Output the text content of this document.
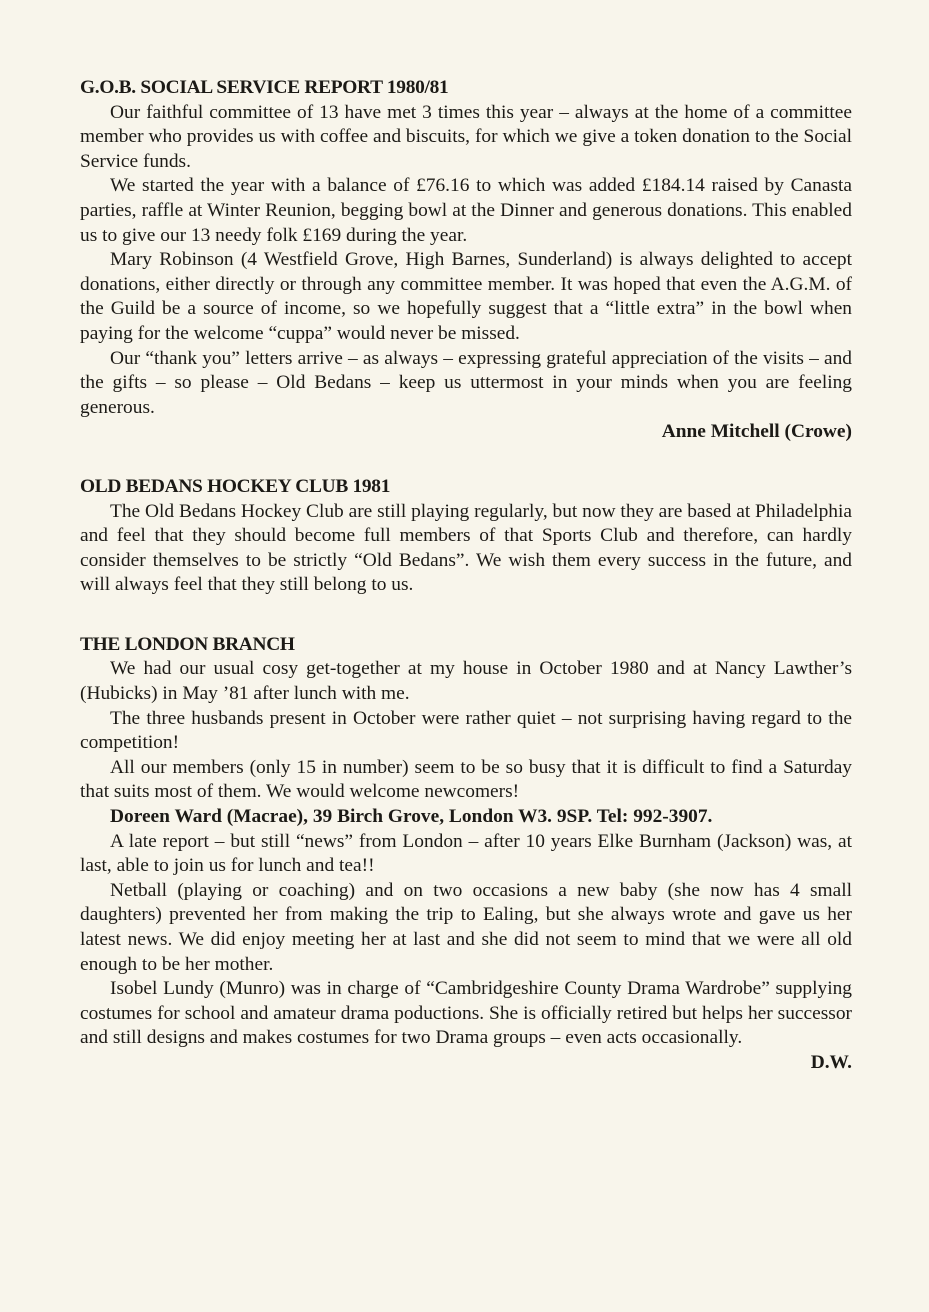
G.O.B. SOCIAL SERVICE REPORT 1980/81

Our faithful committee of 13 have met 3 times this year – always at the home of a committee member who provides us with coffee and biscuits, for which we give a token donation to the Social Service funds.

We started the year with a balance of £76.16 to which was added £184.14 raised by Canasta parties, raffle at Winter Reunion, begging bowl at the Dinner and generous donations. This enabled us to give our 13 needy folk £169 during the year.

Mary Robinson (4 Westfield Grove, High Barnes, Sunderland) is always delighted to accept donations, either directly or through any committee member. It was hoped that even the A.G.M. of the Guild be a source of income, so we hopefully suggest that a “little extra” in the bowl when paying for the welcome “cuppa” would never be missed.

Our “thank you” letters arrive – as always – expressing grateful appreciation of the visits – and the gifts – so please – Old Bedans – keep us uttermost in your minds when you are feeling generous.

Anne Mitchell (Crowe)

OLD BEDANS HOCKEY CLUB 1981

The Old Bedans Hockey Club are still playing regularly, but now they are based at Philadelphia and feel that they should become full members of that Sports Club and therefore, can hardly consider themselves to be strictly “Old Bedans”. We wish them every success in the future, and will always feel that they still belong to us.

THE LONDON BRANCH

We had our usual cosy get-together at my house in October 1980 and at Nancy Lawther’s (Hubicks) in May ’81 after lunch with me.

The three husbands present in October were rather quiet – not surprising having regard to the competition!

All our members (only 15 in number) seem to be so busy that it is difficult to find a Saturday that suits most of them. We would welcome newcomers!

Doreen Ward (Macrae), 39 Birch Grove, London W3. 9SP. Tel: 992-3907.

A late report – but still “news” from London – after 10 years Elke Burnham (Jackson) was, at last, able to join us for lunch and tea!!

Netball (playing or coaching) and on two occasions a new baby (she now has 4 small daughters) prevented her from making the trip to Ealing, but she always wrote and gave us her latest news. We did enjoy meeting her at last and she did not seem to mind that we were all old enough to be her mother.

Isobel Lundy (Munro) was in charge of “Cambridgeshire County Drama Wardrobe” supplying costumes for school and amateur drama poductions. She is officially retired but helps her successor and still designs and makes costumes for two Drama groups – even acts occasionally.

D.W.
